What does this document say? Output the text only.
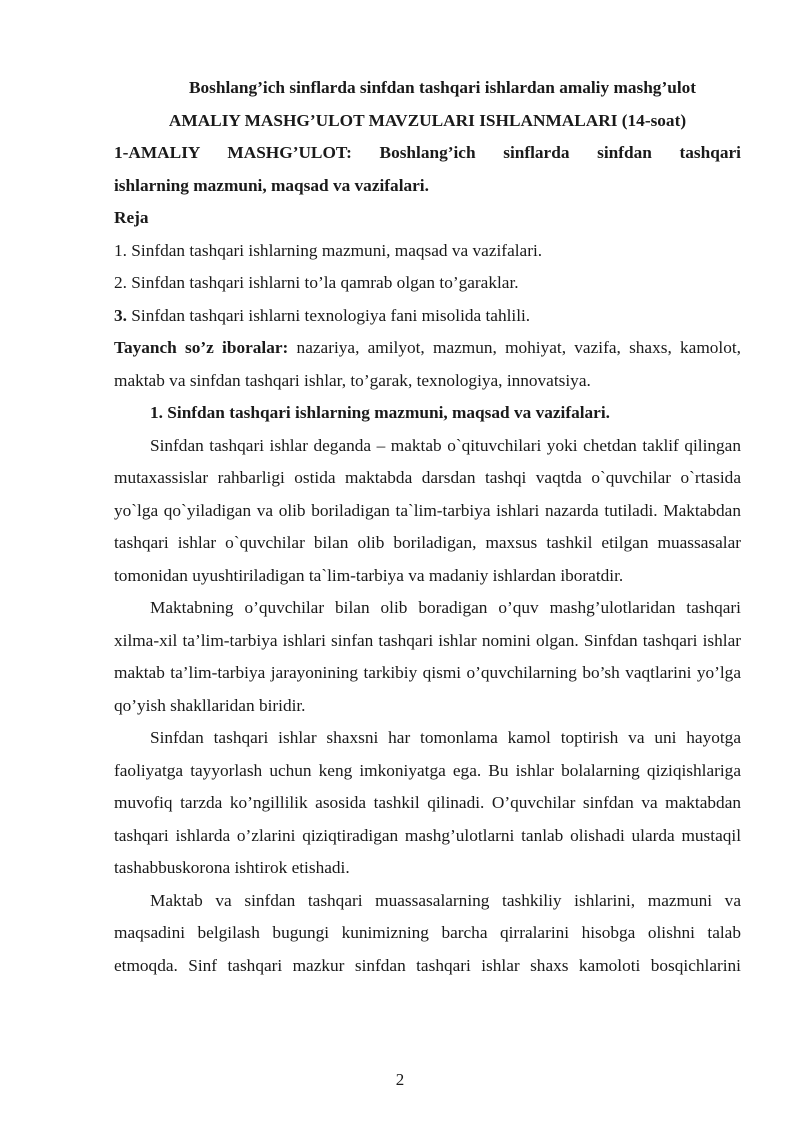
Boshlang’ich sinflarda sinfdan tashqari ishlardan amaliy mashg’ulot

AMALIY MASHG’ULOT MAVZULARI ISHLANMALARI (14-soat)

1-AMALIY MASHG’ULOT: Boshlang’ich sinflarda sinfdan tashqari

ishlarning mazmuni, maqsad va vazifalari.

Reja

1. Sinfdan tashqari ishlarning mazmuni, maqsad va vazifalari.

2. Sinfdan tashqari ishlarni to’la qamrab olgan to’garaklar.

3. Sinfdan tashqari ishlarni texnologiya fani misolida tahlili.

Tayanch so’z iboralar: nazariya, amilyot, mazmun, mohiyat, vazifa, shaxs, kamolot, maktab va sinfdan tashqari ishlar, to’garak, texnologiya, innovatsiya.

1. Sinfdan tashqari ishlarning mazmuni, maqsad va vazifalari.

Sinfdan tashqari ishlar deganda – maktab o`qituvchilari yoki chetdan taklif qilingan mutaxassislar rahbarligi ostida maktabda darsdan tashqi vaqtda o`quvchilar o`rtasida yo`lga qo`yiladigan va olib boriladigan ta`lim-tarbiya ishlari nazarda tutiladi. Maktabdan tashqari ishlar o`quvchilar bilan olib boriladigan, maxsus tashkil etilgan muassasalar tomonidan uyushtiriladigan ta`lim-tarbiya va madaniy ishlardan iboratdir.

Maktabning o’quvchilar bilan olib boradigan o’quv mashg’ulotlaridan tashqari xilma-xil ta’lim-tarbiya ishlari sinfan tashqari ishlar nomini olgan. Sinfdan tashqari ishlar maktab ta’lim-tarbiya jarayonining tarkibiy qismi o’quvchilarning bo’sh vaqtlarini yo’lga qo’yish shakllaridan biridir.

Sinfdan tashqari ishlar shaxsni har tomonlama kamol toptirish va uni hayotga faoliyatga tayyorlash uchun keng imkoniyatga ega. Bu ishlar bolalarning qiziqishlariga muvofiq tarzda ko’ngillilik asosida tashkil qilinadi. O’quvchilar sinfdan va maktabdan tashqari ishlarda o’zlarini qiziqtiradigan mashg’ulotlarni tanlab olishadi ularda mustaqil tashabbuskorona ishtirok etishadi.

Maktab va sinfdan tashqari muassasalarning tashkiliy ishlarini, mazmuni va maqsadini belgilash bugungi kunimizning barcha qirralarini hisobga olishni talab etmoqda. Sinf tashqari mazkur sinfdan tashqari ishlar shaxs kamoloti bosqichlarini

2
